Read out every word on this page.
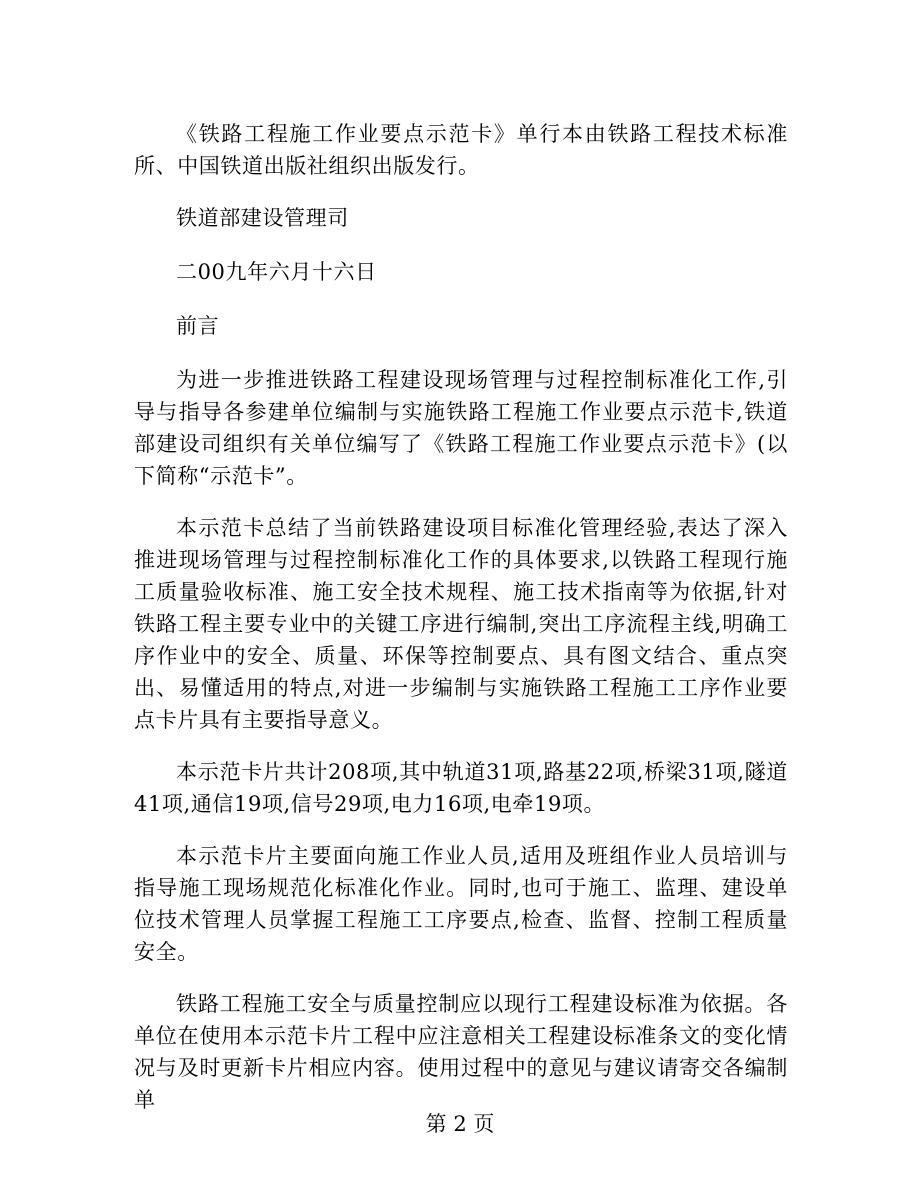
《铁路工程施工作业要点示范卡》单行本由铁路工程技术标准所、中国铁道出版社组织出版发行。

铁道部建设管理司

二00九年六月十六日

前言

为进一步推进铁路工程建设现场管理与过程控制标准化工作,引导与指导各参建单位编制与实施铁路工程施工作业要点示范卡,铁道部建设司组织有关单位编写了《铁路工程施工作业要点示范卡》(以下简称“示范卡”。

本示范卡总结了当前铁路建设项目标准化管理经验,表达了深入推进现场管理与过程控制标准化工作的具体要求,以铁路工程现行施工质量验收标准、施工安全技术规程、施工技术指南等为依据,针对铁路工程主要专业中的关键工序进行编制,突出工序流程主线,明确工序作业中的安全、质量、环保等控制要点、具有图文结合、重点突出、易懂适用的特点,对进一步编制与实施铁路工程施工工序作业要点卡片具有主要指导意义。

本示范卡片共计208项,其中轨道31项,路基22项,桥梁31项,隧道41项,通信19项,信号29项,电力16项,电牵19项。

本示范卡片主要面向施工作业人员,适用及班组作业人员培训与指导施工现场规范化标准化作业。同时,也可于施工、监理、建设单位技术管理人员掌握工程施工工序要点,检查、监督、控制工程质量安全。

铁路工程施工安全与质量控制应以现行工程建设标准为依据。各单位在使用本示范卡片工程中应注意相关工程建设标准条文的变化情况与及时更新卡片相应内容。使用过程中的意见与建议请寄交各编制单

第 2 页
